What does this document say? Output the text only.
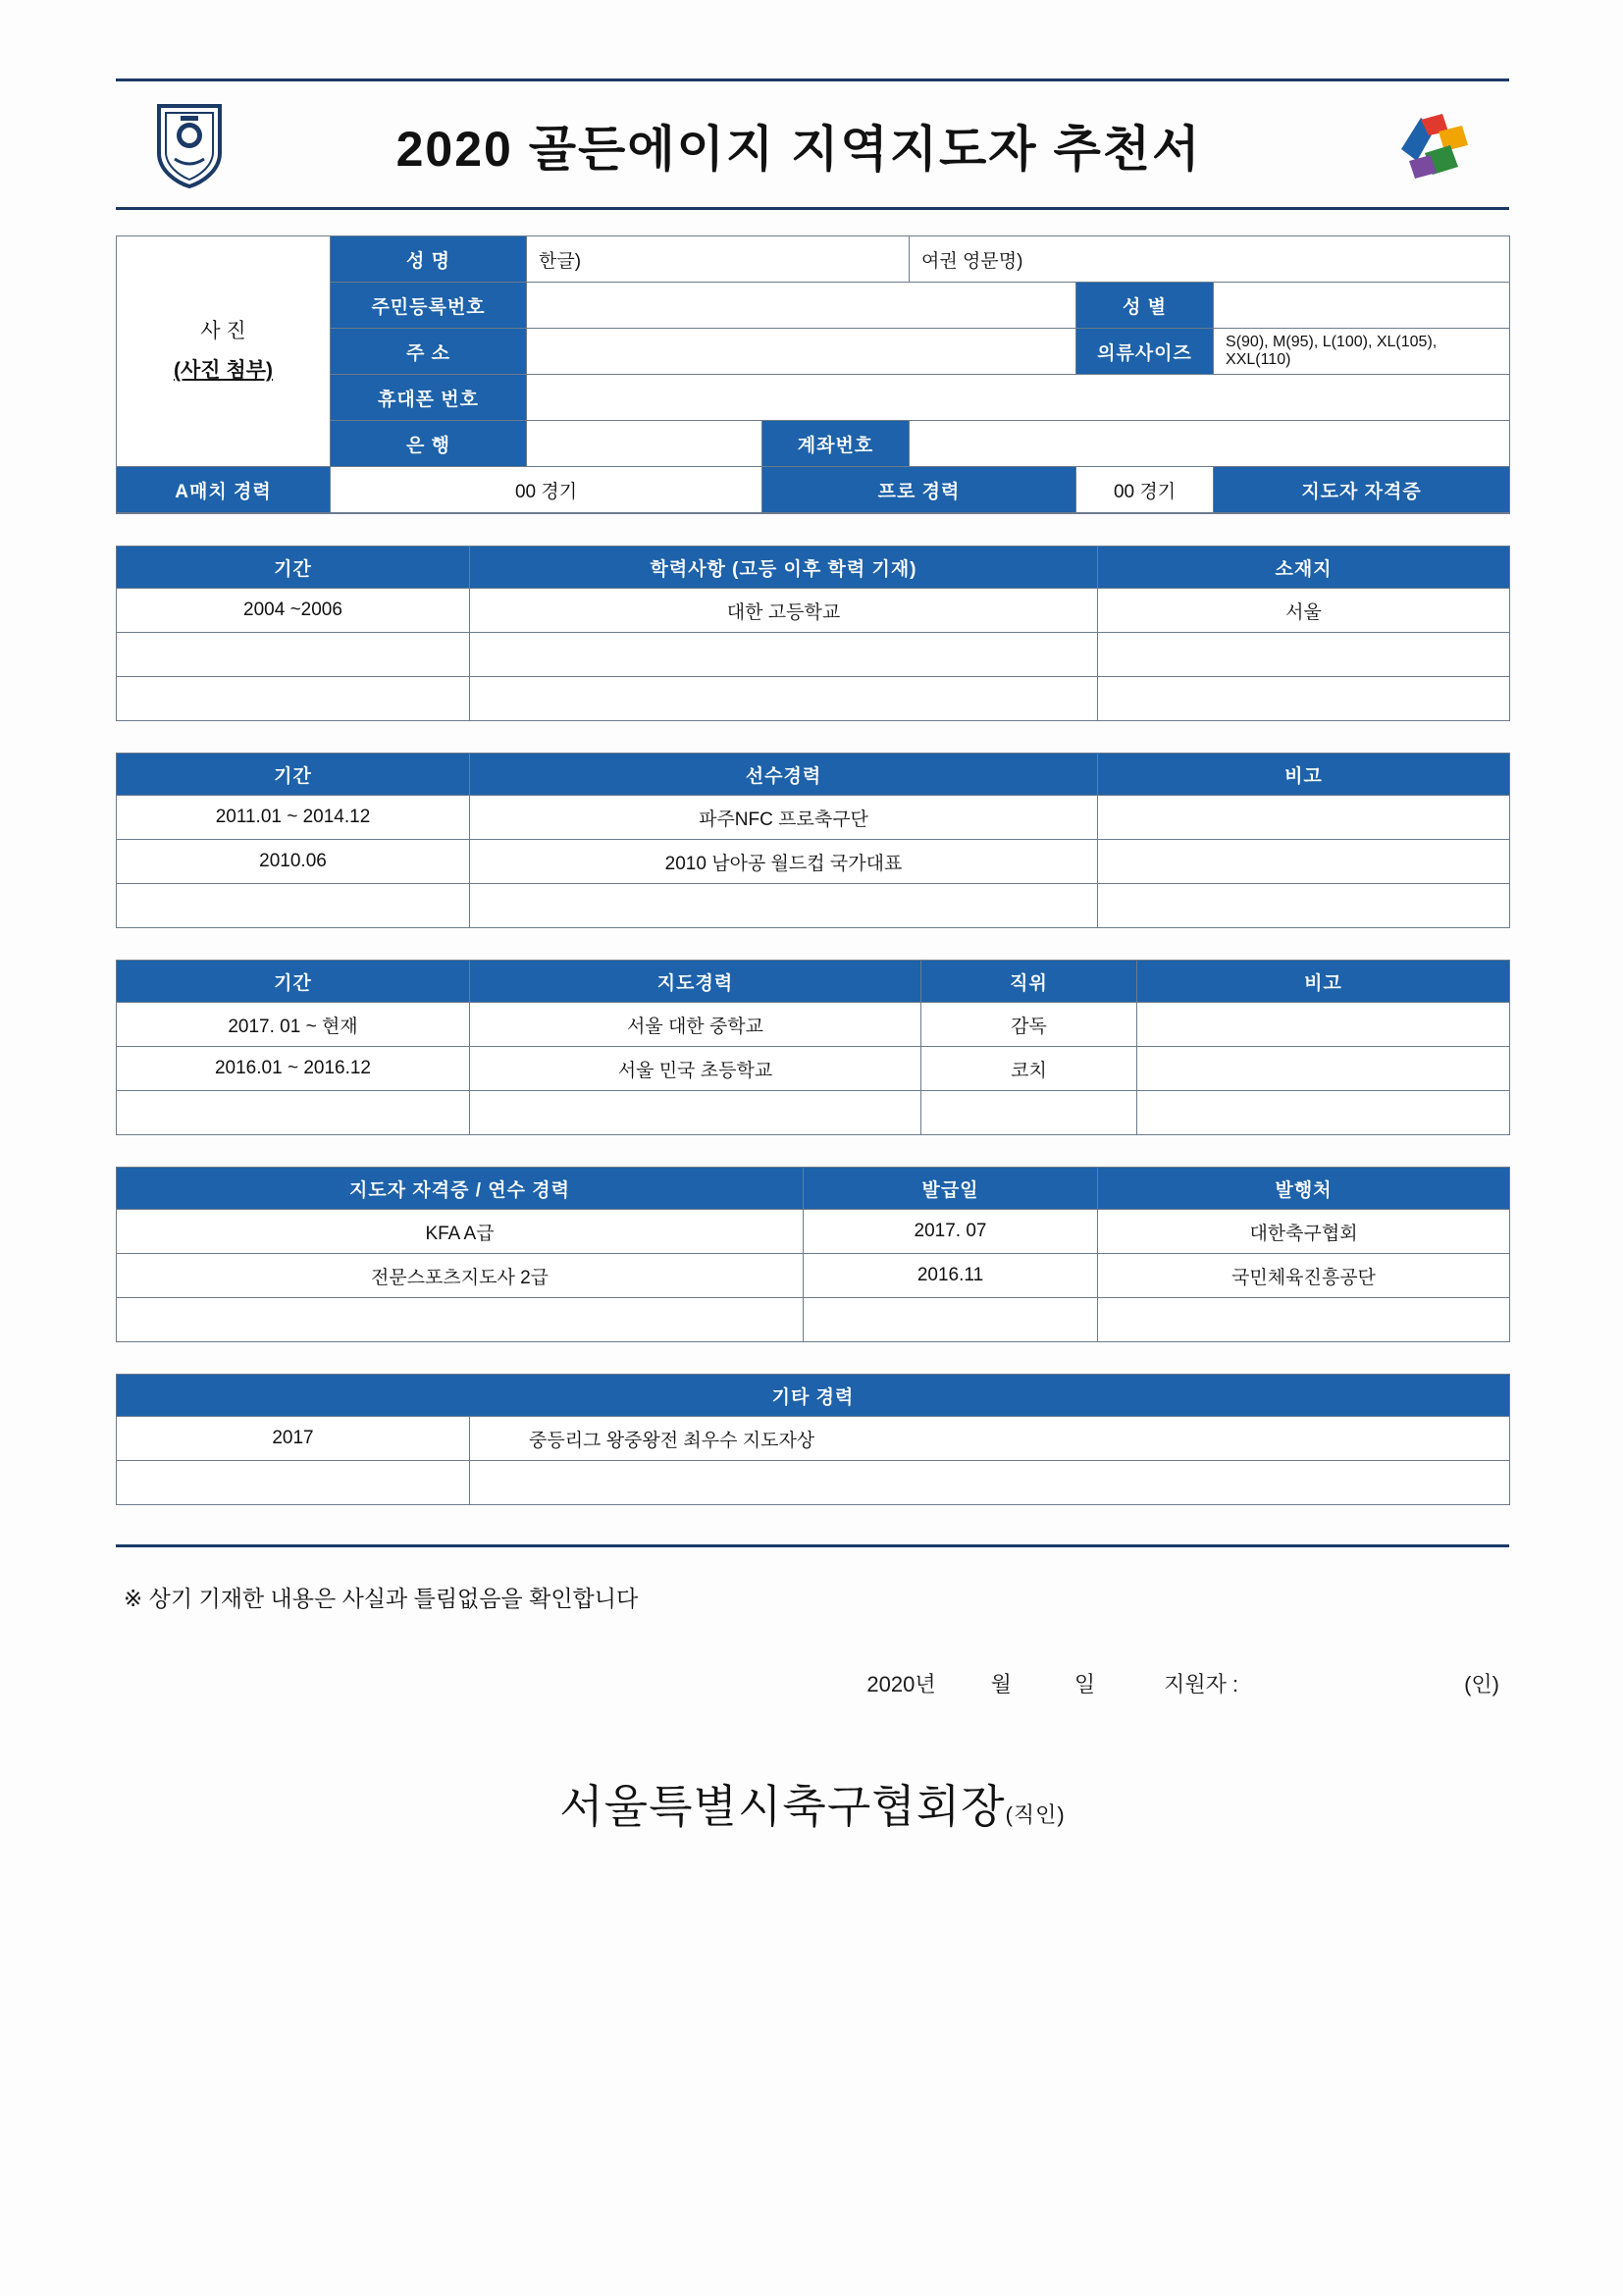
2020 골든에이지 지역지도자 추천서
사 진
(사진 첨부)	성 명	한글)		여권 영문명)		
	주민등록번호				성 별	
	주 소				의류사이즈	S(90), M(95), L(100), XL(105), XXL(110)
	휴대폰 번호					
	은 행		계좌번호			
A매치 경력	00 경기		프로 경력		00 경기	지도자 자격증
기간	학력사항 (고등 이후 학력 기재)	소재지
2004 ~2006	대한 고등학교	서울

기간	선수경력	비고
2011.01 ~ 2014.12	파주NFC 프로축구단	
2010.06	2010 남아공 월드컵 국가대표	

기간	지도경력	직위	비고
2017. 01 ~ 현재	서울 대한 중학교	감독	
2016.01 ~ 2016.12	서울 민국 초등학교	코치	

지도자 자격증 / 연수 경력	발급일	발행처
KFA A급	2017. 07	대한축구협회
전문스포츠지도사 2급	2016.11	국민체육진흥공단

기타 경력	
2017	중등리그 왕중왕전 최우수 지도자상

※ 상기 기재한 내용은 사실과 틀림없음을 확인합니다
2020년	월	일	지원자 :	(인)
서울특별시축구협회장(직인)
